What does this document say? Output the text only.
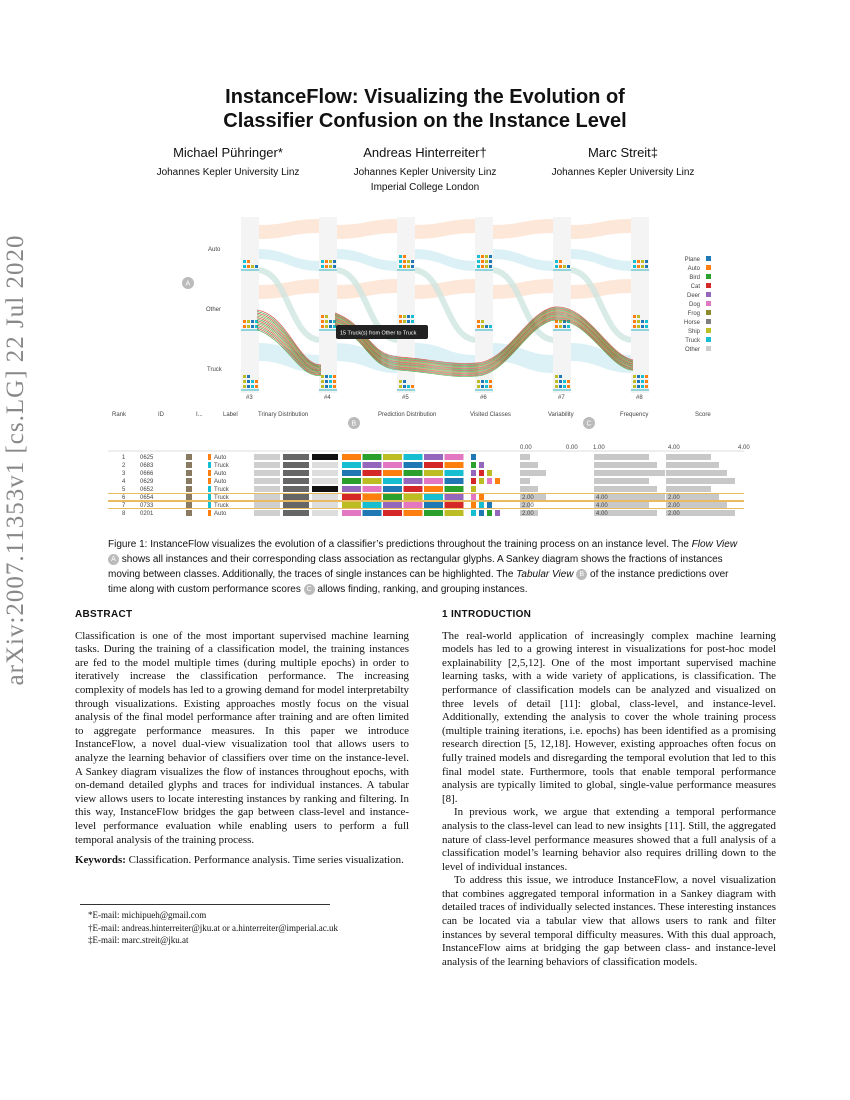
arXiv:2007.11353v1 [cs.LG] 22 Jul 2020
InstanceFlow: Visualizing the Evolution of
Classifier Confusion on the Instance Level
Michael Pühringer*
Johannes Kepler University Linz
Andreas Hinterreiter†
Johannes Kepler University Linz
Imperial College London
Marc Streit‡
Johannes Kepler University Linz
Auto
Other
Truck
#3	#4	#5	#6	#7	#8
Plane
Auto
Bird
Cat
Deer
Dog
Frog
Horse
Ship
Truck
Other
A
15 Truck(s) from Other to Truck
Rank	ID	I...	Label	Trinary Distribution	Prediction Distribution	Visited Classes	Variability	Frequency	Score
B	C
0.00	0.00	1.00	4.00	4.00
1 0625	Auto
2 0683	Truck
3 0666	Auto
4 0629	Auto
5 0652	Truck
6 0654	Truck	2.00	4.00	2.00
7 0733	Truck	2.00	4.00	2.00
8 0201	Auto	2.00	4.00	2.00
Figure 1: InstanceFlow visualizes the evolution of a classifier’s predictions throughout the training process on an instance level. The Flow View A shows all instances and their corresponding class association as rectangular glyphs. A Sankey diagram shows the fractions of instances moving between classes. Additionally, the traces of single instances can be highlighted. The Tabular View B of the instance predictions over time along with custom performance scores C allows finding, ranking, and grouping instances.
ABSTRACT

Classification is one of the most important supervised machine learning tasks. During the training of a classification model, the training instances are fed to the model multiple times (during multiple epochs) in order to iteratively increase the classification performance. The increasing complexity of models has led to a growing demand for model interpretabilty through visualizations. Existing approaches mostly focus on the visual analysis of the final model performance after training and are often limited to aggregate performance measures. In this paper we introduce InstanceFlow, a novel dual-view visualization tool that allows users to analyze the learning behavior of classifiers over time on the instance-level. A Sankey diagram visualizes the flow of instances throughout epochs, with on-demand detailed glyphs and traces for individual instances. A tabular view allows users to locate interesting instances by ranking and filtering. In this way, InstanceFlow bridges the gap between class-level and instance-level performance evaluation while enabling users to perform a full temporal analysis of the training process.

Keywords: Classification. Performance analysis. Time series visualization.

*E-mail: michipueh@gmail.com
†E-mail: andreas.hinterreiter@jku.at or a.hinterreiter@imperial.ac.uk
‡E-mail: marc.streit@jku.at
1 INTRODUCTION

The real-world application of increasingly complex machine learning models has led to a growing interest in visualizations for post-hoc model explainability [2,5,12]. One of the most important supervised machine learning tasks, with a wide variety of applications, is classification. The performance of classification models can be analyzed and visualized on three levels of detail [11]: global, class-level, and instance-level. Additionally, extending the analysis to cover the whole training process (multiple training iterations, i.e. epochs) has been identified as a promising research direction [5, 12,18]. However, existing approaches often focus on fully trained models and disregarding the temporal evolution that led to this final model state. Furthermore, tools that enable temporal performance analysis are typically limited to global, single-value performance measures [8].

In previous work, we argue that extending a temporal performance analysis to the class-level can lead to new insights [11]. Still, the aggregated nature of class-level performance measures showed that a full analysis of a classification model’s learning behavior also requires drilling down to the level of individual instances.

To address this issue, we introduce InstanceFlow, a novel visualization that combines aggregated temporal information in a Sankey diagram with detailed traces of individually selected instances. These interesting instances can be located via a tabular view that allows users to rank and filter instances by several temporal difficulty measures. With this dual approach, InstanceFlow aims at bridging the gap between class- and instance-level analysis of the learning behaviors of classification models.
